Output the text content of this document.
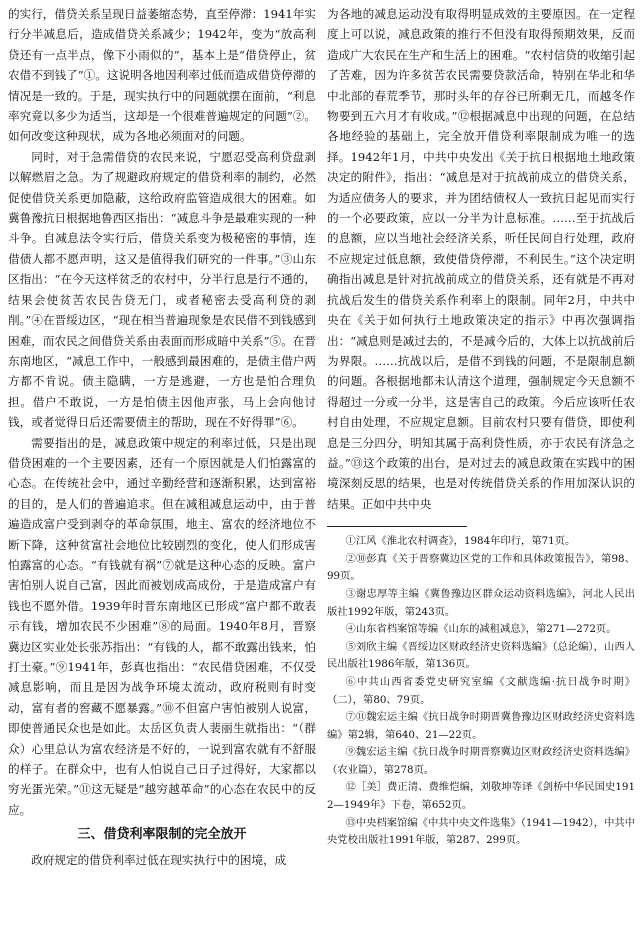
的实行，借贷关系呈现日益萎缩态势，直至停滞：1941年实行分半减息后，造成借贷关系减少；1942年，变为“放高利贷还有一点半点，像下小雨似的”，基本上是“借贷停止，贫农借不到钱了”①。这说明各地因利率过低而造成借贷停滞的情况是一致的。于是，现实执行中的问题就摆在面前，“利息率究竟以多少为适当，这却是一个很难普遍规定的问题”②。如何改变这种现状，成为各地必须面对的问题。

同时，对于急需借贷的农民来说，宁愿忍受高利贷盘剥以解燃眉之急。为了规避政府规定的借贷利率的制约，必然促使借贷关系更加隐蔽，这给政府监管造成很大的困难。如冀鲁豫抗日根据地鲁西区指出：“减息斗争是最难实现的一种斗争。自减息法令实行后，借贷关系变为极秘密的事情，连借债人都不愿声明，这又是值得我们研究的一件事。”③山东区指出：“在今天这样贫乏的农村中，分半行息是行不通的，结果会使贫苦农民告贷无门，或者秘密去受高利贷的剥削。”④在晋绥边区，“现在相当普遍现象是农民借不到钱感到困难，而农民之间借贷关系由表面而形成暗中关系”⑤。在晋东南地区，“减息工作中，一般感到最困难的，是债主借户两方都不肯说。债主隐瞒，一方是逃避，一方也是怕合理负担。借户不敢说，一方是怕债主因他声张，马上会向他讨钱，或者觉得日后还需要债主的帮助，现在不好得罪”⑥。

需要指出的是，减息政策中规定的利率过低，只是出现借贷困难的一个主要因素，还有一个原因就是人们怕露富的心态。在传统社会中，通过辛勤经营和逐渐积累，达到富裕的目的，是人们的普遍追求。但在减租减息运动中，由于普遍造成富户受到剥夺的革命氛围，地主、富农的经济地位不断下降，这种贫富社会地位比较剧烈的变化，使人们形成害怕露富的心态。“有钱就有祸”⑦就是这种心态的反映。富户害怕别人说自己富，因此而被划成高成份，于是造成富户有钱也不愿外借。1939年时晋东南地区已形成“富户都不敢表示有钱，增加农民不少困难”⑧的局面。1940年8月，晋察冀边区实业处长张苏指出：“有钱的人，都不敢露出钱来，怕打土豪。”⑨1941年，彭真也指出：“农民借贷困难，不仅受减息影响，而且是因为战争环境太流动，政府税则有时变动，富有者的窖藏不愿暴露。”⑩不但富户害怕被别人说富，即使普通民众也是如此。太岳区负责人裴丽生就指出：“（群众）心里总认为富农经济是不好的，一说到富农就有不舒服的样子。在群众中，也有人怕说自己日子过得好，大家都以穷光蛋光荣。”⑪这无疑是“越穷越革命”的心态在农民中的反应。

三、借贷利率限制的完全放开

政府规定的借贷利率过低在现实执行中的困境，成

为各地的减息运动没有取得明显成效的主要原因。在一定程度上可以说，减息政策的推行不但没有取得预期效果，反而造成广大农民在生产和生活上的困难。“农村信贷的收缩引起了苦难，因为许多贫苦农民需要贷款活命，特别在华北和华中北部的春荒季节，那时头年的存谷已所剩无几，而越冬作物要到五六月才有收成。”⑫根据减息中出现的问题，在总结各地经验的基础上，完全放开借贷利率限制成为唯一的选择。1942年1月，中共中央发出《关于抗日根据地土地政策决定的附件》，指出：“减息是对于抗战前成立的借贷关系，为适应债务人的要求，并为团结债权人一致抗日起见而实行的一个必要政策，应以一分半为计息标准。……至于抗战后的息额，应以当地社会经济关系，听任民间自行处理，政府不应规定过低息额，致使借贷停滞，不利民生。”这个决定明确指出减息是针对抗战前成立的借贷关系，还有就是不再对抗战后发生的借贷关系作利率上的限制。同年2月，中共中央在《关于如何执行土地政策决定的指示》中再次强调指出：“减息则是减过去的，不是减今后的，大体上以抗战前后为界限。……抗战以后，是借不到钱的问题，不是限制息额的问题。各根据地都未认清这个道理，强制规定今天息额不得超过一分或一分半，这是害自己的政策。今后应该听任农村自由处理，不应规定息额。目前农村只要有借贷，即使利息是三分四分，明知其属于高利贷性质，亦于农民有济急之益。”⑬这个政策的出台，是对过去的减息政策在实践中的困境深刻反思的结果，也是对传统借贷关系的作用加深认识的结果。正如中共中央

①江风《淮北农村调查》，1984年印行，第71页。

②⑩彭真《关于晋察冀边区党的工作和具体政策报告》，第98、99页。

③谢忠厚等主编《冀鲁豫边区群众运动资料选编》，河北人民出版社1992年版，第243页。

④山东省档案馆等编《山东的减租减息》，第271—272页。

⑤刘欣主编《晋绥边区财政经济史资料选编》（总论编），山西人民出版社1986年版，第136页。

⑥中共山西省委党史研究室编《文献选编·抗日战争时期》（二），第80、79页。

⑦⑪魏宏运主编《抗日战争时期晋冀鲁豫边区财政经济史资料选编》第2辑，第640、21—22页。

⑨魏宏运主编《抗日战争时期晋察冀边区财政经济史资料选编》（农业篇），第278页。

⑫［美］费正清、费维恺编，刘敬坤等译《剑桥中华民国史1912—1949年》下卷，第652页。

⑬中央档案馆编《中共中央文件选集》（1941—1942），中共中央党校出版社1991年版，第287、299页。
